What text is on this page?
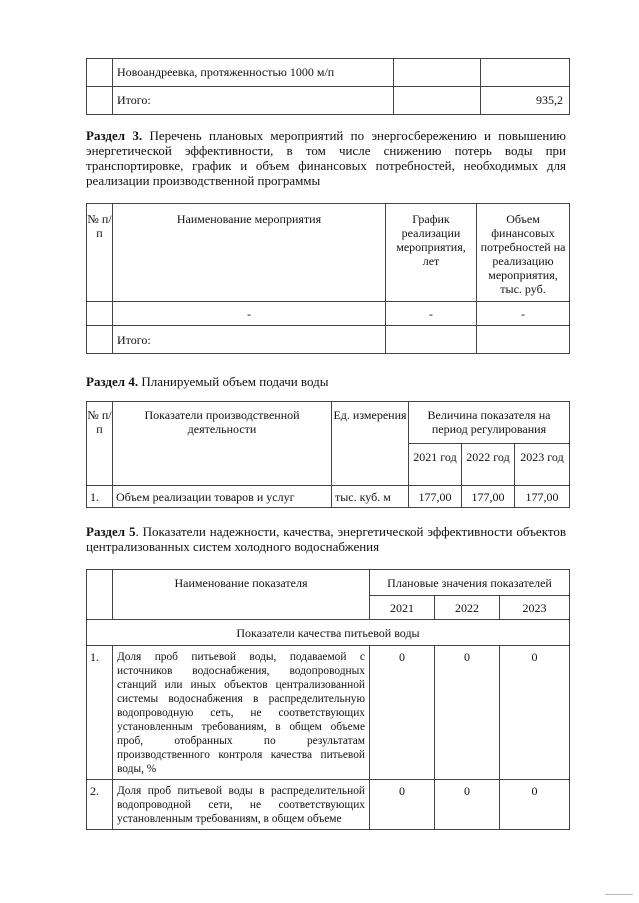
	Новоандреевка, протяженностью 1000 м/п		
	Итого:		935,2
Раздел 3. Перечень плановых мероприятий по энергосбережению и повышению энергетической эффективности, в том числе снижению потерь воды при транспортировке, график и объем финансовых потребностей, необходимых для реализации производственной программы
№ п/п	Наименование мероприятия	График реализации мероприятия, лет	Объем финансовых потребностей на реализацию мероприятия, тыс. руб.
	-	-	-
	Итого:		
Раздел 4. Планируемый объем подачи воды
№ п/п	Показатели производственной деятельности	Ед. измерения	Величина показателя на период регулирования		
			2021 год	2022 год	2023 год
1.	Объем реализации товаров и услуг	тыс. куб. м	177,00	177,00	177,00
Раздел 5. Показатели надежности, качества, энергетической эффективности объектов централизованных систем холодного водоснабжения
	Наименование показателя	Плановые значения показателей		
		2021	2022	2023
Показатели качества питьевой воды				
1.	Доля проб питьевой воды, подаваемой с источников водоснабжения, водопроводных станций или иных объектов централизованной системы водоснабжения в распределительную водопроводную сеть, не соответствующих установленным требованиям, в общем объеме проб, отобранных по результатам производственного контроля качества питьевой воды, %	0	0	0
2.	Доля проб питьевой воды в распределительной водопроводной сети, не соответствующих установленным требованиям, в общем объеме	0	0	0
